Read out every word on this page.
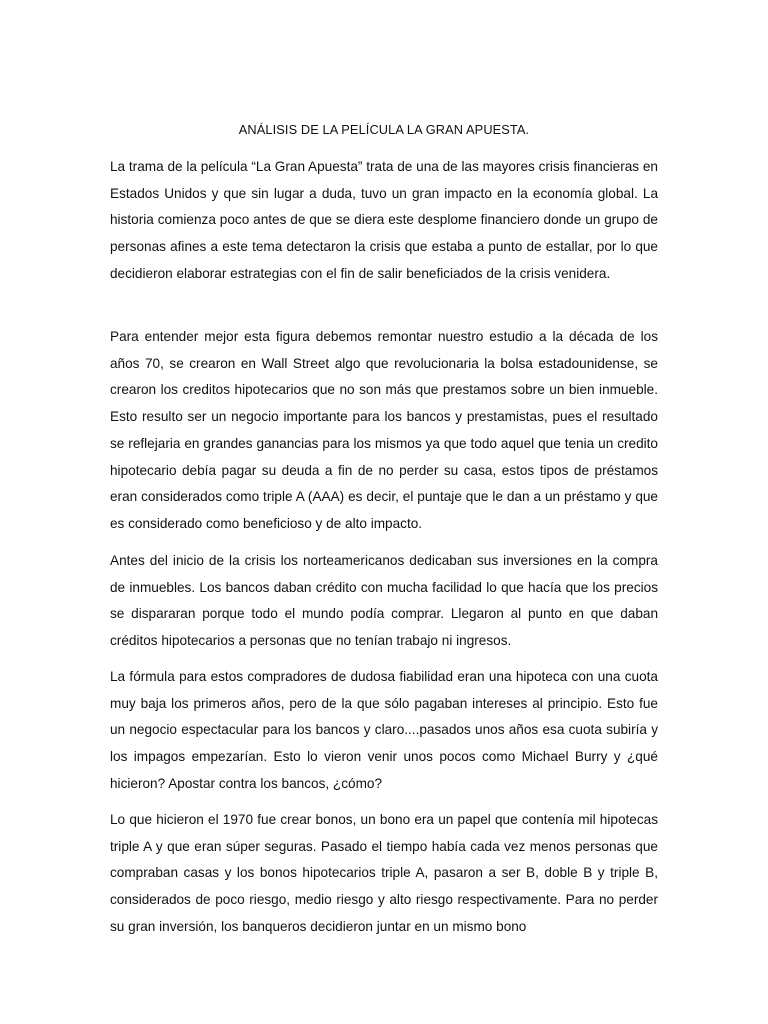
ANÁLISIS DE LA PELÍCULA LA GRAN APUESTA.

La trama de la película “La Gran Apuesta” trata de una de las mayores crisis financieras en Estados Unidos y que sin lugar a duda, tuvo un gran impacto en la economía global. La historia comienza poco antes de que se diera este desplome financiero donde un grupo de personas afines a este tema detectaron la crisis que estaba a punto de estallar, por lo que decidieron elaborar estrategias con el fin de salir beneficiados de la crisis venidera.

Para entender mejor esta figura debemos remontar nuestro estudio a la década de los años 70, se crearon en Wall Street algo que revolucionaria la bolsa estadounidense, se crearon los creditos hipotecarios que no son más que prestamos sobre un bien inmueble. Esto resulto ser un negocio importante para los bancos y prestamistas, pues el resultado se reflejaria en grandes ganancias para los mismos ya que todo aquel que tenia un credito hipotecario debía pagar su deuda a fin de no perder su casa, estos tipos de préstamos eran considerados como triple A (AAA) es decir, el puntaje que le dan a un préstamo y que es considerado como beneficioso y de alto impacto.

Antes del inicio de la crisis los norteamericanos dedicaban sus inversiones en la compra de inmuebles. Los bancos daban crédito con mucha facilidad lo que hacía que los precios se dispararan porque todo el mundo podía comprar. Llegaron al punto en que daban créditos hipotecarios a personas que no tenían trabajo ni ingresos.

La fórmula para estos compradores de dudosa fiabilidad eran una hipoteca con una cuota muy baja los primeros años, pero de la que sólo pagaban intereses al principio. Esto fue un negocio espectacular para los bancos y claro....pasados unos años esa cuota subiría y los impagos empezarían. Esto lo vieron venir unos pocos como Michael Burry y ¿qué hicieron? Apostar contra los bancos, ¿cómo?

Lo que hicieron el 1970 fue crear bonos, un bono era un papel que contenía mil hipotecas triple A y que eran súper seguras. Pasado el tiempo había cada vez menos personas que compraban casas y los bonos hipotecarios triple A, pasaron a ser B, doble B y triple B, considerados de poco riesgo, medio riesgo y alto riesgo respectivamente. Para no perder su gran inversión, los banqueros decidieron juntar en un mismo bono
